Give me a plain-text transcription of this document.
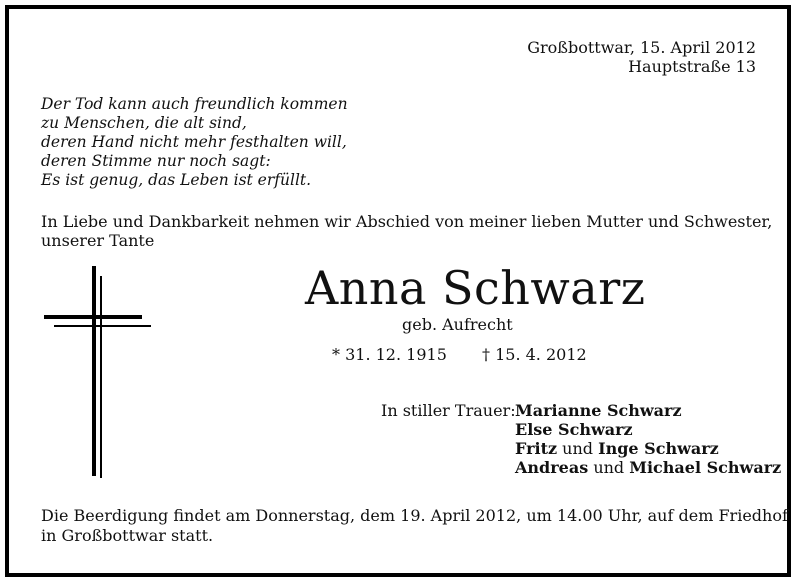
Großbottwar, 15. April 2012
Hauptstraße 13
Der Tod kann auch freundlich kommen
zu Menschen, die alt sind,
deren Hand nicht mehr festhalten will,
deren Stimme nur noch sagt:
Es ist genug, das Leben ist erfüllt.
In Liebe und Dankbarkeit nehmen wir Abschied von meiner lieben Mutter und Schwester,
unserer Tante
Anna Schwarz
geb. Aufrecht
* 31. 12. 1915 † 15. 4. 2012
In stiller Trauer: Marianne Schwarz
Else Schwarz
Fritz und Inge Schwarz
Andreas und Michael Schwarz
Die Beerdigung findet am Donnerstag, dem 19. April 2012, um 14.00 Uhr, auf dem Friedhof
in Großbottwar statt.
